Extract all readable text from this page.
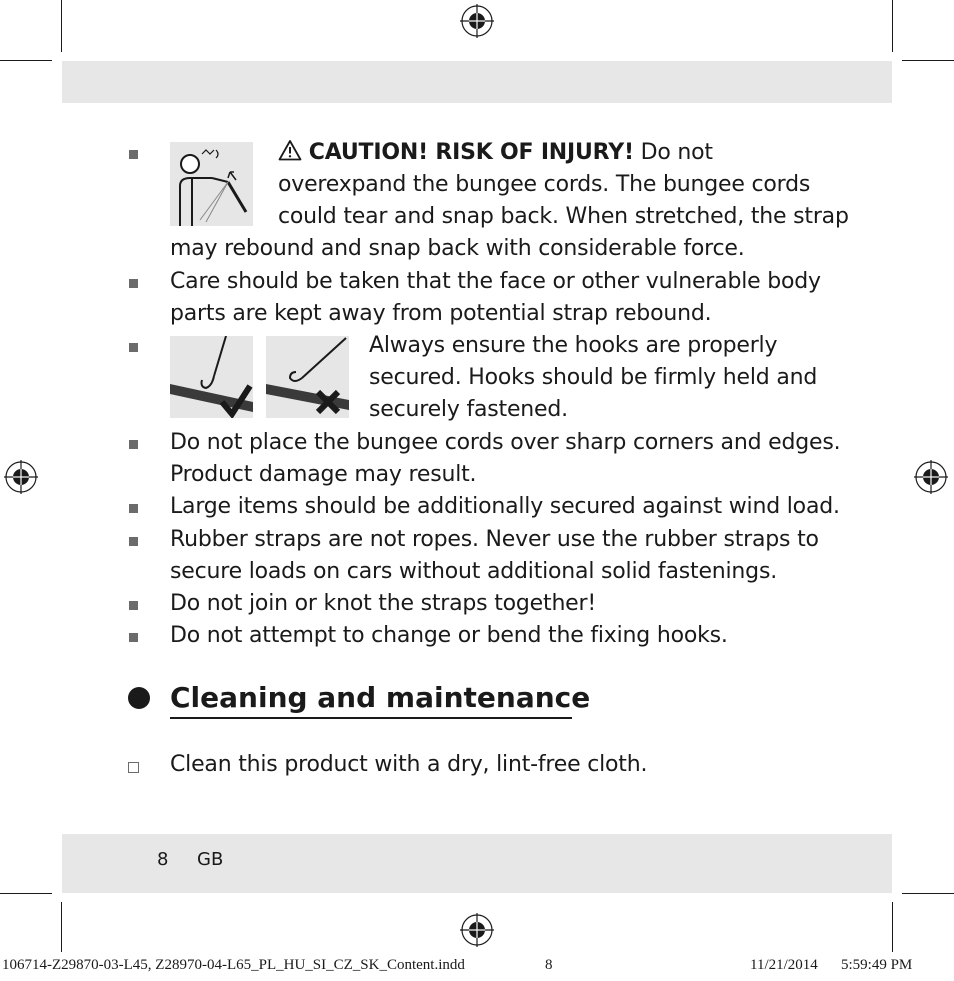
CAUTION! RISK OF INJURY! Do not
overexpand the bungee cords. The bungee cords
could tear and snap back. When stretched, the strap
may rebound and snap back with considerable force.
Care should be taken that the face or other vulnerable body
parts are kept away from potential strap rebound.
Always ensure the hooks are properly
secured. Hooks should be firmly held and
securely fastened.
Do not place the bungee cords over sharp corners and edges.
Product damage may result.
Large items should be additionally secured against wind load.
Rubber straps are not ropes. Never use the rubber straps to
secure loads on cars without additional solid fastenings.
Do not join or knot the straps together!
Do not attempt to change or bend the fixing hooks.
Cleaning and maintenance
Clean this product with a dry, lint-free cloth.
8 GB
106714-Z29870-03-L45, Z28970-04-L65_PL_HU_SI_CZ_SK_Content.indd	8	11/21/2014 5:59:49 PM
